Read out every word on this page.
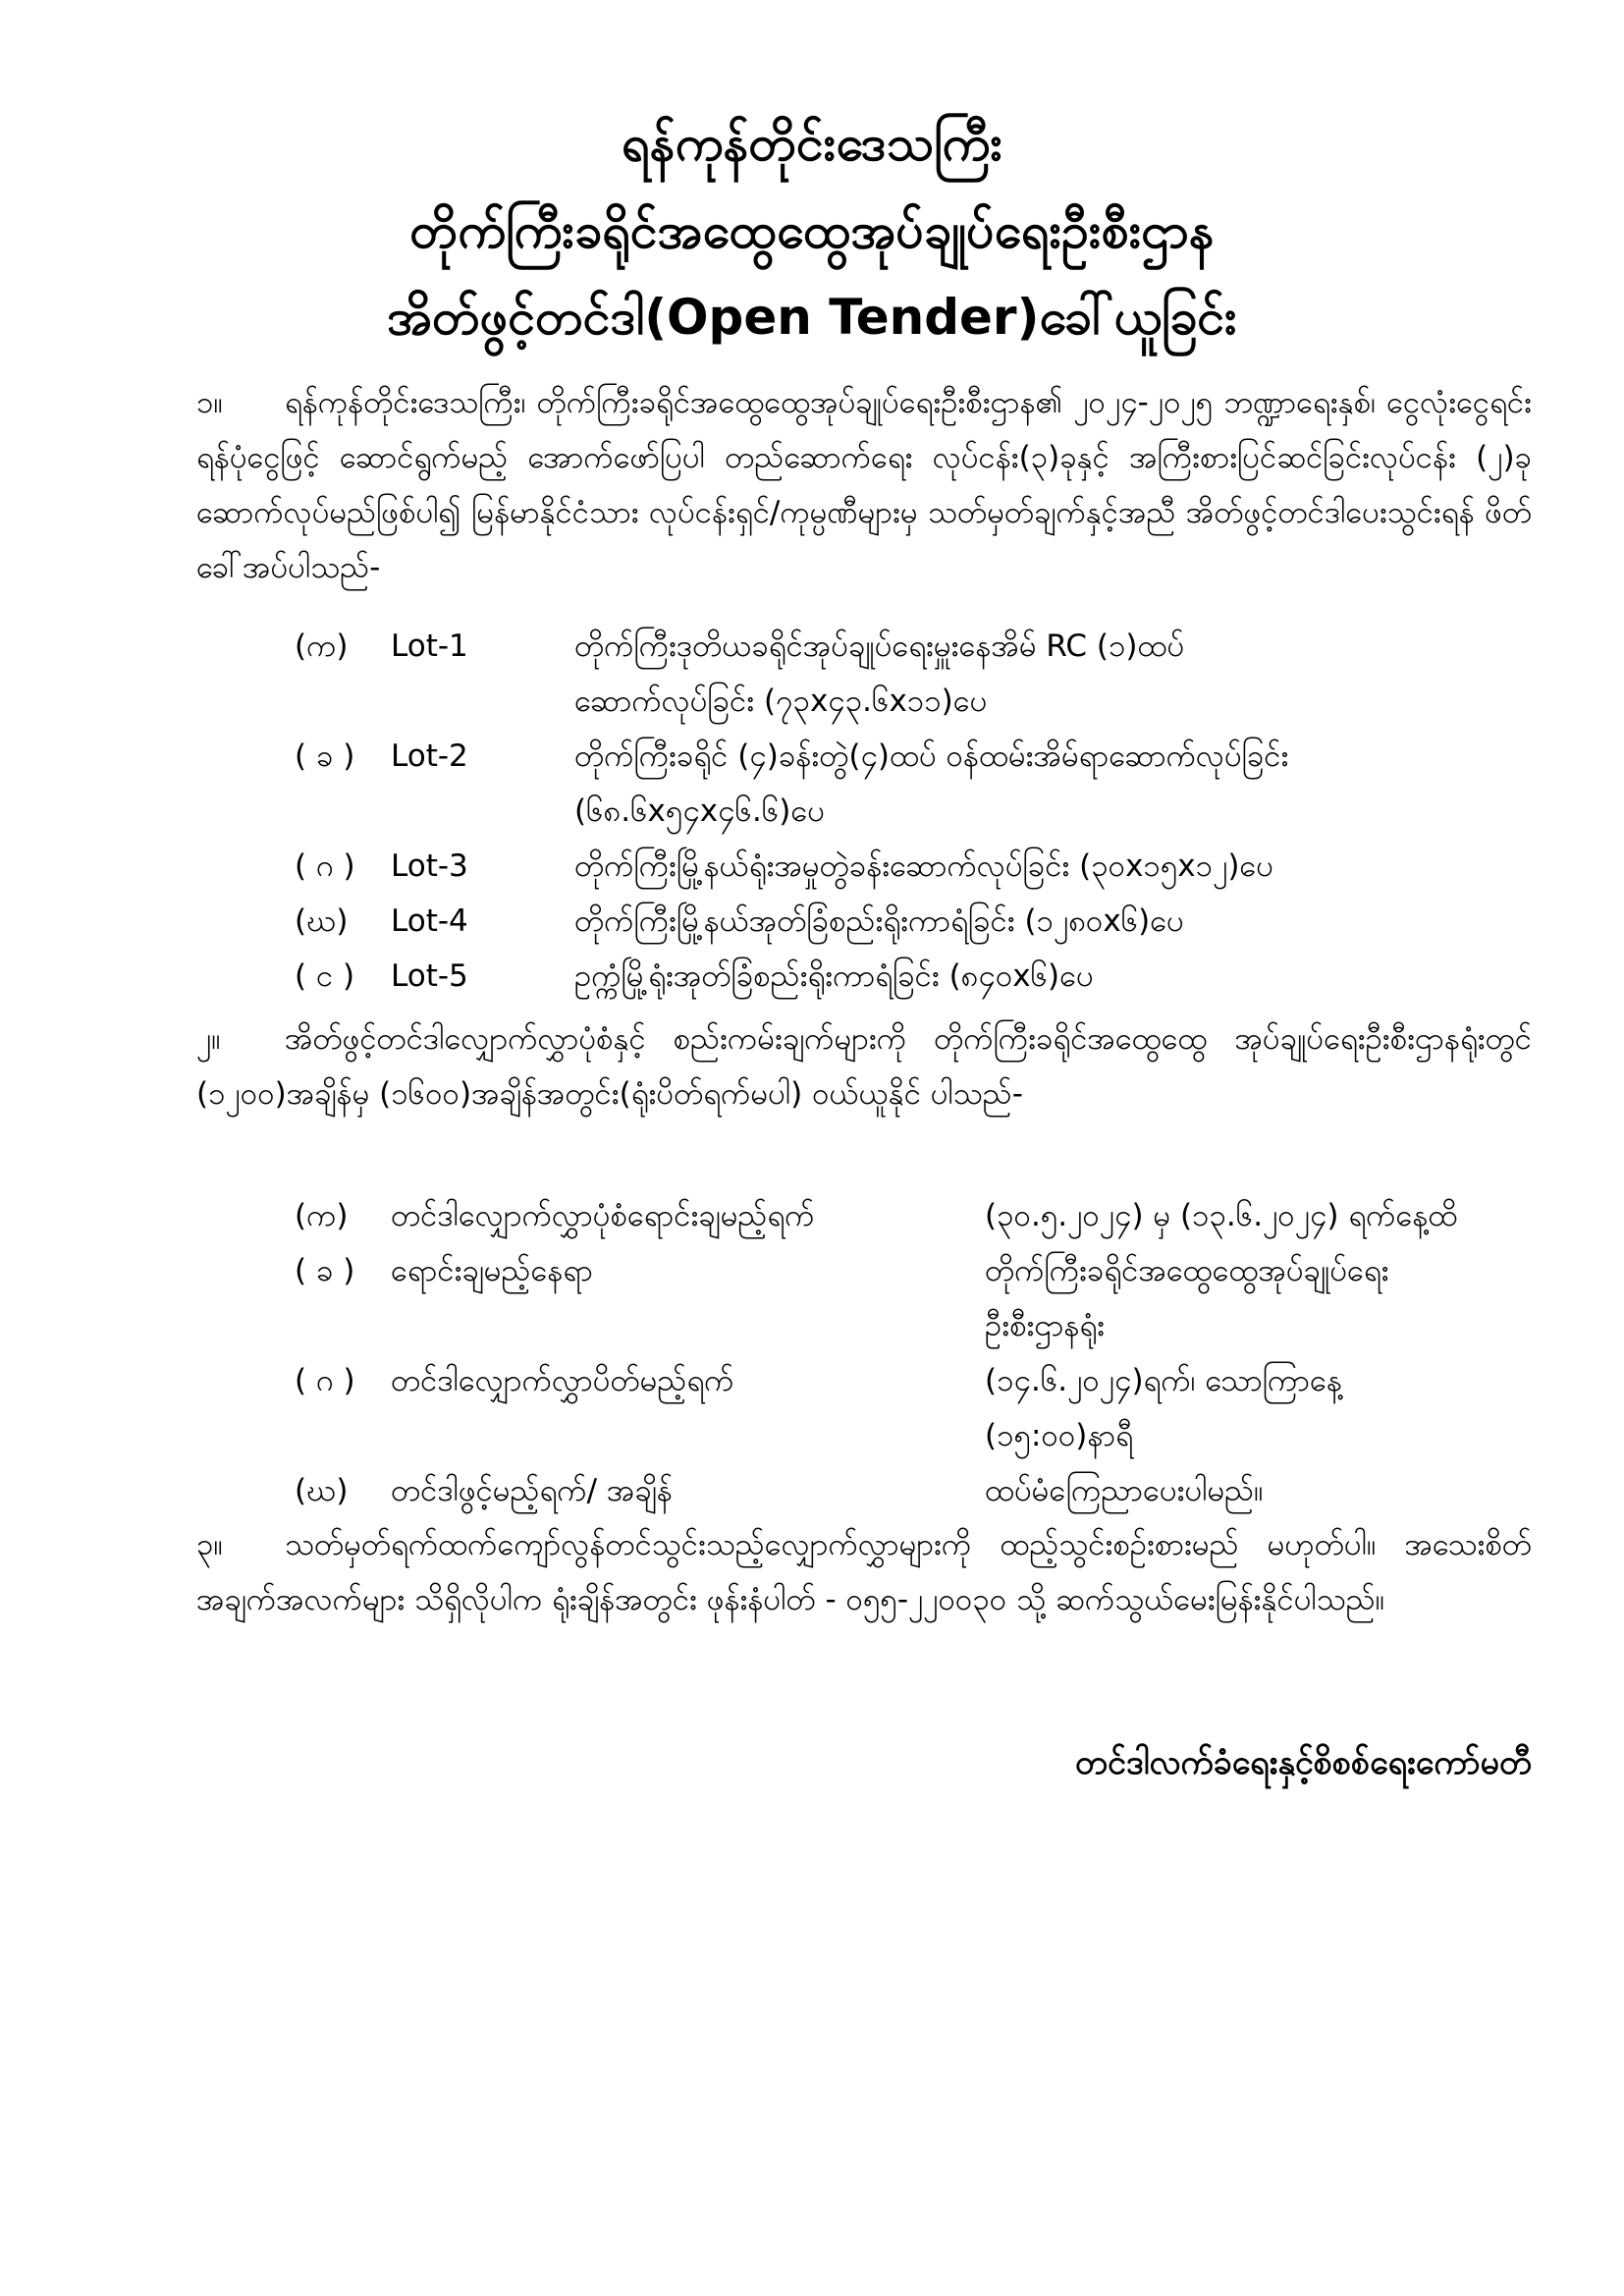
ရန်ကုန်တိုင်းဒေသကြီး
တိုက်ကြီးခရိုင်အထွေထွေအုပ်ချုပ်ရေးဦးစီးဌာန
အိတ်ဖွင့်တင်ဒါ(Open Tender)ခေါ်ယူခြင်း
၁။ ရန်ကုန်တိုင်းဒေသကြီး၊ တိုက်ကြီးခရိုင်အထွေထွေအုပ်ချုပ်ရေးဦးစီးဌာန၏ ၂၀၂၄-၂၀၂၅ ဘဏ္ဍာရေးနှစ်၊ ငွေလုံးငွေရင်းရန်ပုံငွေဖြင့် ဆောင်ရွက်မည့် အောက်ဖော်ပြပါ တည်ဆောက်ရေး လုပ်ငန်း(၃)ခုနှင့် အကြီးစားပြင်ဆင်ခြင်းလုပ်ငန်း (၂)ခုဆောက်လုပ်မည်ဖြစ်ပါ၍ မြန်မာနိုင်ငံသား လုပ်ငန်းရှင်/ကုမ္ပဏီများမှ သတ်မှတ်ချက်နှင့်အညီ အိတ်ဖွင့်တင်ဒါပေးသွင်းရန် ဖိတ်ခေါ်အပ်ပါသည်-
(က)	Lot-1	တိုက်ကြီးဒုတိယခရိုင်အုပ်ချုပ်ရေးမှူးနေအိမ် RC (၁)ထပ်
ဆောက်လုပ်ခြင်း (၇၃x၄၃.၆x၁၁)ပေ
( ခ )	Lot-2	တိုက်ကြီးခရိုင် (၄)ခန်းတွဲ(၄)ထပ် ဝန်ထမ်းအိမ်ရာဆောက်လုပ်ခြင်း
(၆၈.၆x၅၄x၄၆.၆)ပေ
( ဂ )	Lot-3	တိုက်ကြီးမြို့နယ်ရုံးအမှုတွဲခန်းဆောက်လုပ်ခြင်း (၃၀x၁၅x၁၂)ပေ
(ဃ)	Lot-4	တိုက်ကြီးမြို့နယ်အုတ်ခြံစည်းရိုးကာရံခြင်း (၁၂၈၀x၆)ပေ
( င )	Lot-5	ဥက္ကံမြို့ရုံးအုတ်ခြံစည်းရိုးကာရံခြင်း (၈၄၀x၆)ပေ
၂။ အိတ်ဖွင့်တင်ဒါလျှောက်လွှာပုံစံနှင့် စည်းကမ်းချက်များကို တိုက်ကြီးခရိုင်အထွေထွေ အုပ်ချုပ်ရေးဦးစီးဌာနရုံးတွင် (၁၂၀၀)အချိန်မှ (၁၆၀၀)အချိန်အတွင်း(ရုံးပိတ်ရက်မပါ) ဝယ်ယူနိုင် ပါသည်-
(က)	တင်ဒါလျှောက်လွှာပုံစံရောင်းချမည့်ရက်	(၃၀.၅.၂၀၂၄) မှ (၁၃.၆.၂၀၂၄) ရက်နေ့ထိ
( ခ )	ရောင်းချမည့်နေရာ	တိုက်ကြီးခရိုင်အထွေထွေအုပ်ချုပ်ရေး
ဦးစီးဌာနရုံး
( ဂ )	တင်ဒါလျှောက်လွှာပိတ်မည့်ရက်	(၁၄.၆.၂၀၂၄)ရက်၊ သောကြာနေ့
(၁၅:၀၀)နာရီ
(ဃ)	တင်ဒါဖွင့်မည့်ရက်/ အချိန်	ထပ်မံကြေညာပေးပါမည်။
၃။ သတ်မှတ်ရက်ထက်ကျော်လွန်တင်သွင်းသည့်လျှောက်လွှာများကို ထည့်သွင်းစဉ်းစားမည် မဟုတ်ပါ။ အသေးစိတ်အချက်အလက်များ သိရှိလိုပါက ရုံးချိန်အတွင်း ဖုန်းနံပါတ် - ၀၅၅-၂၂၀၀၃၀ သို့ ဆက်သွယ်မေးမြန်းနိုင်ပါသည်။
တင်ဒါလက်ခံရေးနှင့်စိစစ်ရေးကော်မတီ
